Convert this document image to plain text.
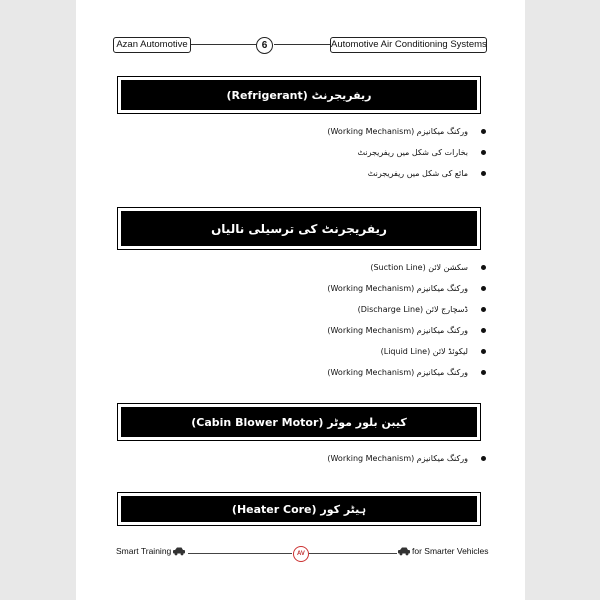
Azan Automotive	6	Automotive Air Conditioning Systems
ریفریجرنٹ (Refrigerant)
ورکنگ میکانیزم (Working Mechanism)
بخارات کی شکل میں ریفریجرنٹ
مائع کی شکل میں ریفریجرنٹ
ریفریجرنٹ کی ترسیلی نالیاں
سکشن لائن (Suction Line)
ورکنگ میکانیزم (Working Mechanism)
ڈسچارج لائن (Discharge Line)
ورکنگ میکانیزم (Working Mechanism)
لیکوئڈ لائن (Liquid Line)
ورکنگ میکانیزم (Working Mechanism)
کیبن بلور موٹر (Cabin Blower Motor)
ورکنگ میکانیزم (Working Mechanism)
ہیٹر کور (Heater Core)
Smart Training	AV	for Smarter Vehicles
